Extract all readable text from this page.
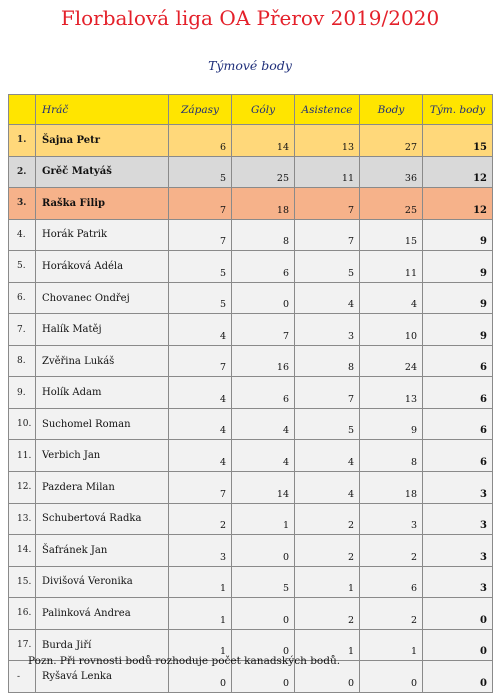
Florbalová liga OA Přerov 2019/2020
Týmové body
	Hráč	Zápasy	Góly	Asistence	Body	Tým. body
1.	Šajna Petr	6	14	13	27	15
2.	Grěč Matyáš	5	25	11	36	12
3.	Raška Filip	7	18	7	25	12
4.	Horák Patrik	7	8	7	15	9
5.	Horáková Adéla	5	6	5	11	9
6.	Chovanec Ondřej	5	0	4	4	9
7.	Halík Matěj	4	7	3	10	9
8.	Zvěřina Lukáš	7	16	8	24	6
9.	Holík Adam	4	6	7	13	6
10.	Suchomel Roman	4	4	5	9	6
11.	Verbich Jan	4	4	4	8	6
12.	Pazdera Milan	7	14	4	18	3
13.	Schubertová Radka	2	1	2	3	3
14.	Šafránek Jan	3	0	2	2	3
15.	Divišová Veronika	1	5	1	6	3
16.	Palinková Andrea	1	0	2	2	0
17.	Burda Jiří	1	0	1	1	0
-	Ryšavá Lenka	0	0	0	0	0
Pozn. Při rovnosti bodů rozhoduje počet kanadských bodů.
